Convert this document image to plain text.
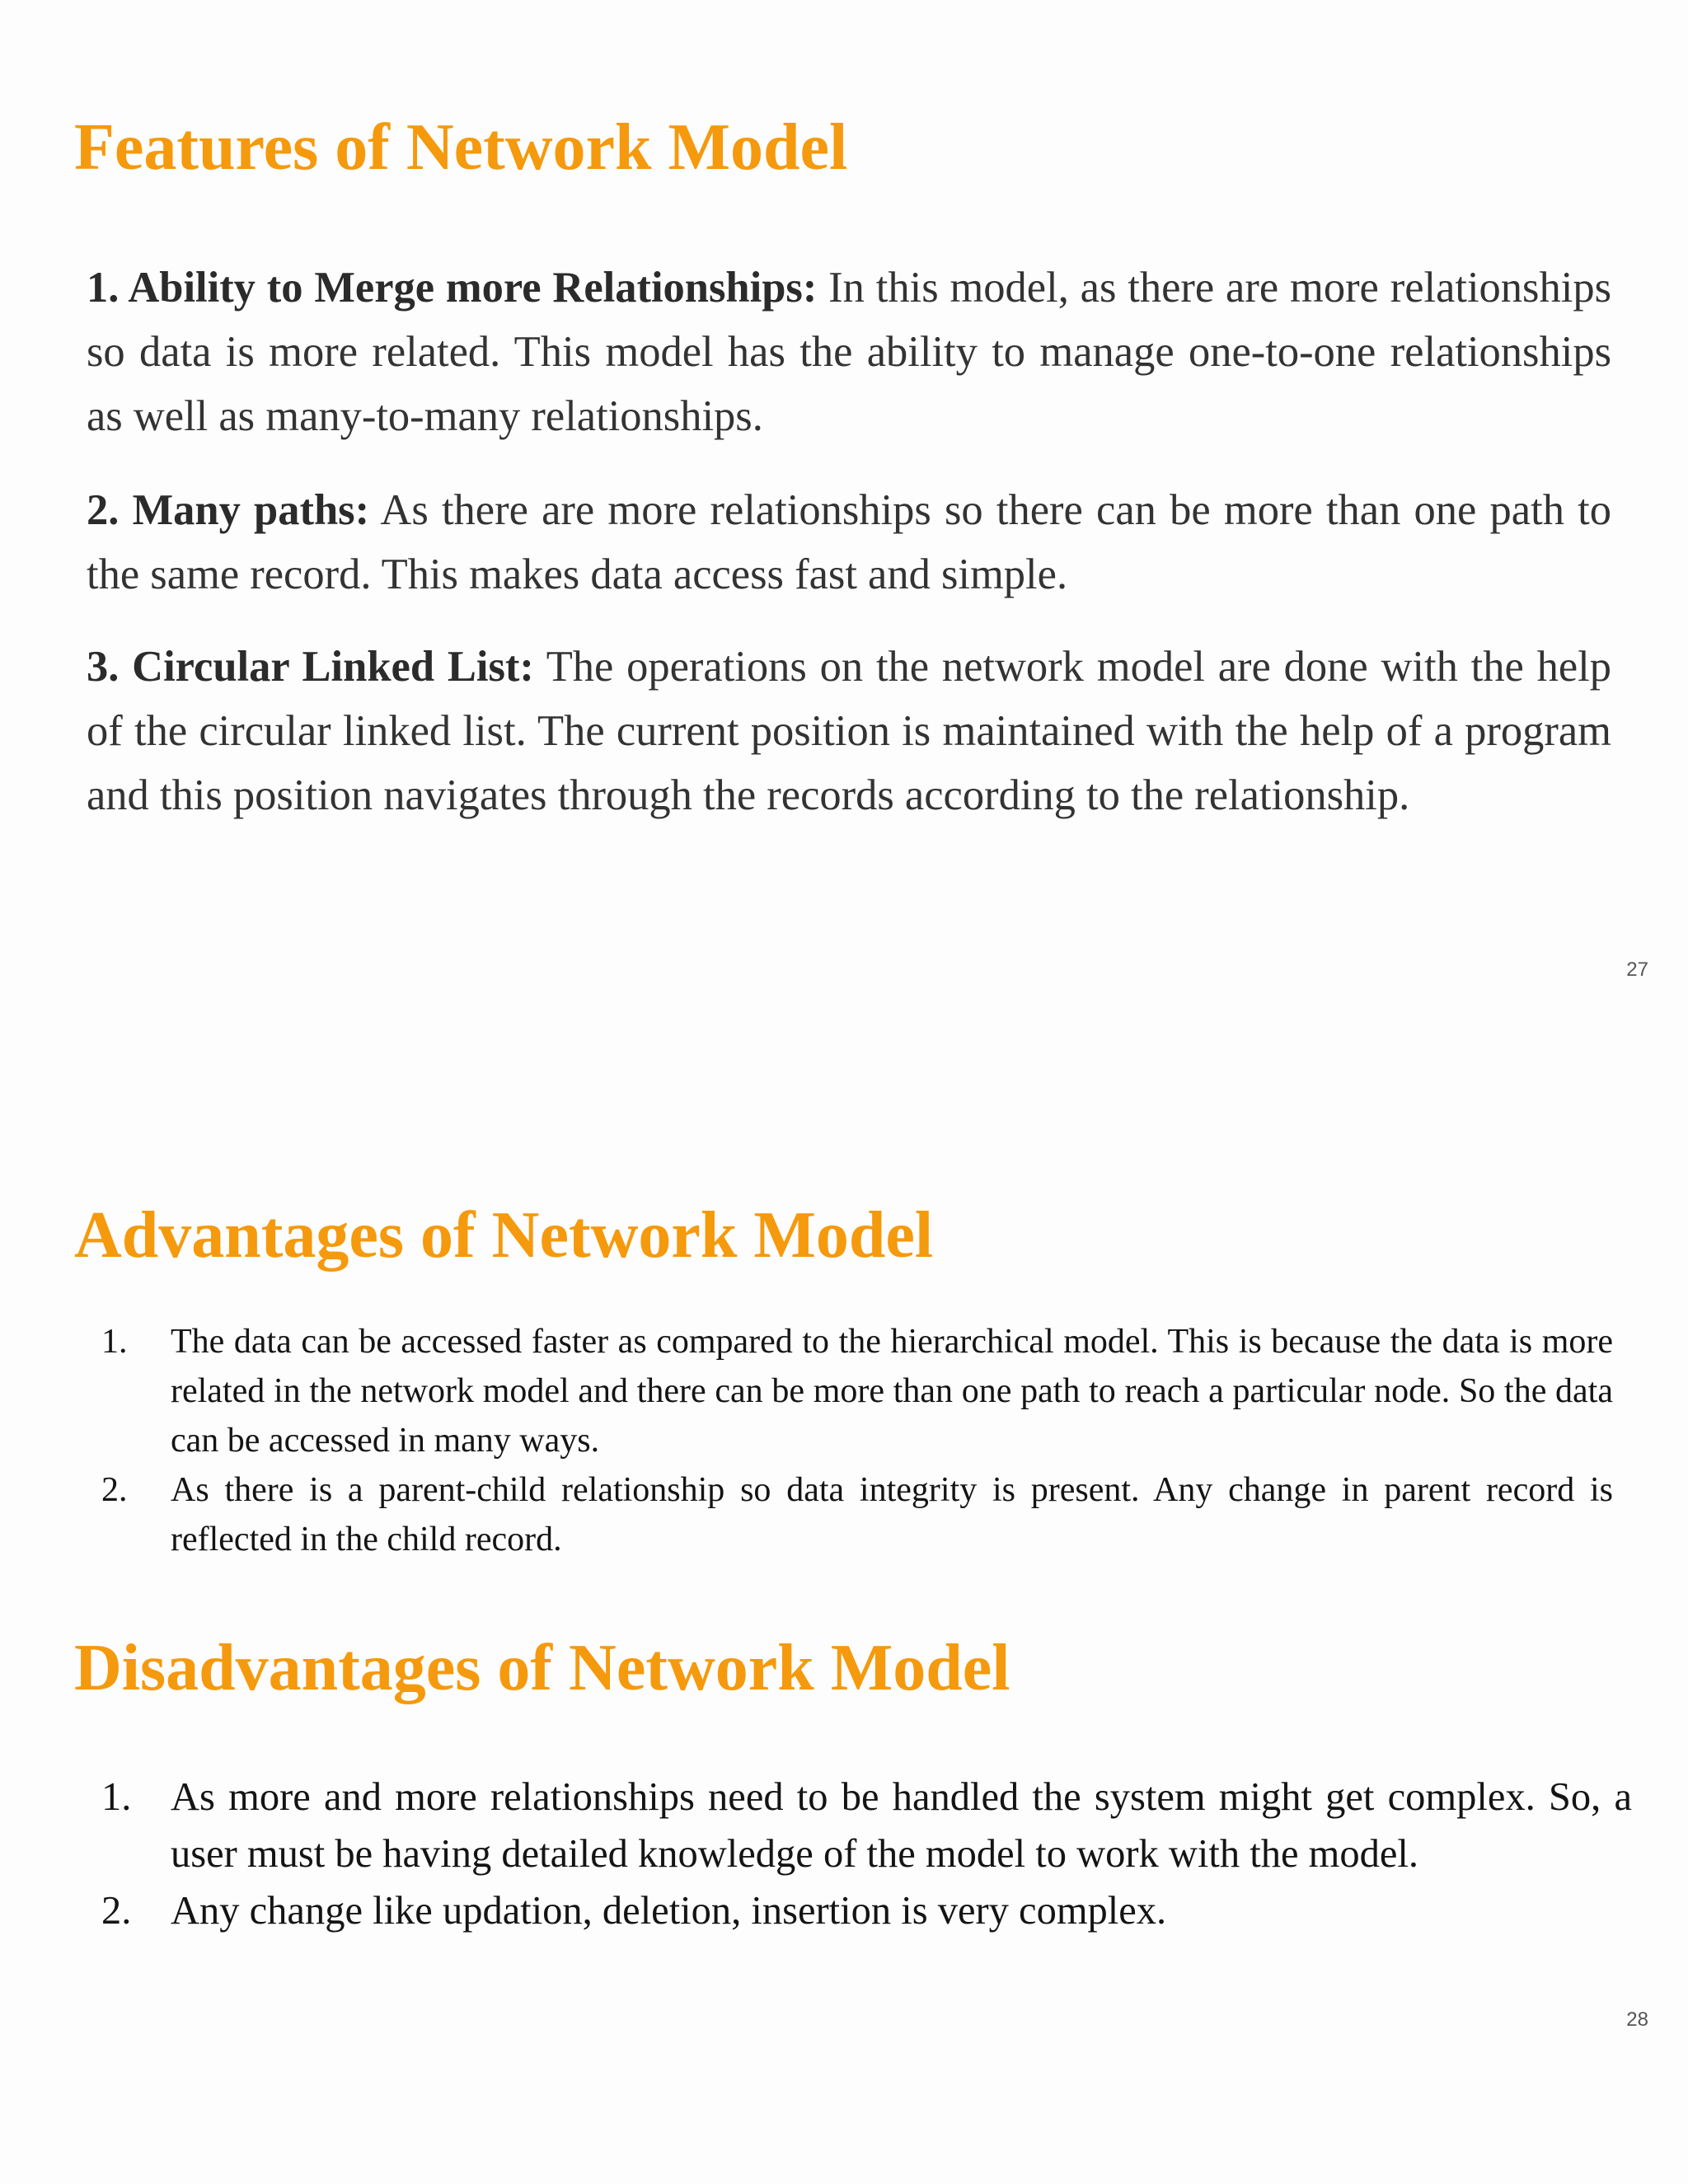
Features of Network Model

1. Ability to Merge more Relationships: In this model, as there are more relationships so data is more related. This model has the ability to manage one-to-one relationships as well as many-to-many relationships.

2. Many paths: As there are more relationships so there can be more than one path to the same record. This makes data access fast and simple.

3. Circular Linked List: The operations on the network model are done with the help of the circular linked list. The current position is maintained with the help of a program and this position navigates through the records according to the relationship.

27
Advantages of Network Model
1.	The data can be accessed faster as compared to the hierarchical model. This is because the data is more related in the network model and there can be more than one path to reach a particular node. So the data can be accessed in many ways.
2.	As there is a parent-child relationship so data integrity is present. Any change in parent record is reflected in the child record.
Disadvantages of Network Model
1. As more and more relationships need to be handled the system might get complex. So, a user must be having detailed knowledge of the model to work with the model.
2. Any change like updation, deletion, insertion is very complex.
28
